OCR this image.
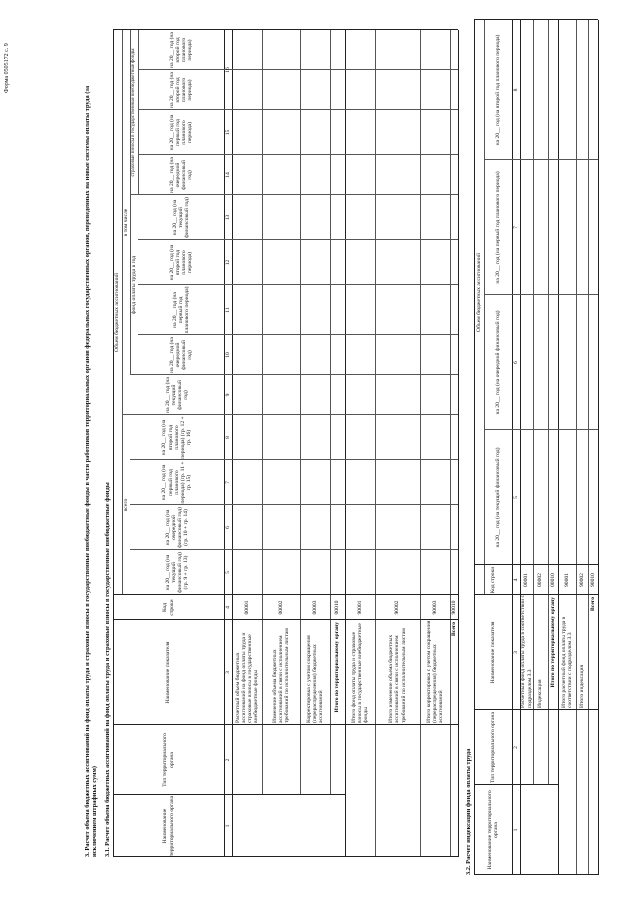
Форма 0505172 с. 9
3. Расчет объема бюджетных ассигнований на фонд оплаты труда и страховые взносы в государственные внебюджетные фонды в части работников территориальных органов федеральных государственных органов, переведенных на новые системы оплаты труда (за исключением штрафных сумм) 3.1. Расчет объема бюджетных ассигнований на фонд оплаты труда и страховые взносы в государственные внебюджетные фонды	Наименование территориального органа
Тип территориального органа
Наименование показателя
Код строки
Объем бюджетных ассигнований
всего
в том числе
фонд оплаты труда в год
страховые взносы в государственные внебюджетные фонды
на 20__ год (на текущий финансовый год) (гр. 9 + гр. 13)
на 20__ год (на очередной финансовый год) (гр. 10 + гр. 14)
на 20__ год (на первый год планового периода) (гр. 11 + гр. 15)
на 20__ год (на второй год планового периода) (гр. 12 + гр. 16)
на 20__ год (на текущий финансовый год)
на 20__ год (на очередной финансовый год)
на 20__ год (на первый год планового периода)
на 20__ год (на второй год планового периода)
на 20__ год (на текущий финансовый год)
на 20__ год (на очередной финансовый год)
на 20__ год (на первый год планового периода)
на 20__ год (на второй год планового периода)
на 20__ год (на второй год планового периода)
1
2
3
4
5
6
7
8
9
10
11
12
13
14
15
16
Расчетный объем бюджетных ассигнований на фонд оплаты труда и страховые взносы в государственные внебюджетные фонды
00001
Изменение объема бюджетных ассигнований в связи с исполнением требований по исполнительным листам
00002
Корректировка с учетом сокращения (перераспределения) бюджетных ассигнований
00003
Итого по территориальному органу
00010
Итого фонд оплаты труда и страховые взносы в государственные внебюджетные фонды
90001
Итого изменение объема бюджетных ассигнований в связи с исполнением требований по исполнительным листам
90002
Итого корректировка с учетом сокращения (перераспределения) бюджетных ассигнований
90003
Всего
90010
3.2. Расчет индексации фонда оплаты труда	Наименование территориального органа
Тип территориального органа
Наименование показателя
Код строки
Объем бюджетных ассигнований
на 20__ год (на текущий финансовый год)
на 20__ год (на очередной финансовый год)
на 20__ год (на первый год планового периода)
на 20__ год (на второй год планового периода)
1
2
3
4
5
6
7
8
Расчетный фонд оплаты труда в соответствии с подразделом 3.3
00001
Индексация
00002
Итого по территориальному органу
00010
Итого расчетный фонд оплаты труда в соответствии с подразделом 3.3
90001
Итого индексация
90002
Всего
90010
